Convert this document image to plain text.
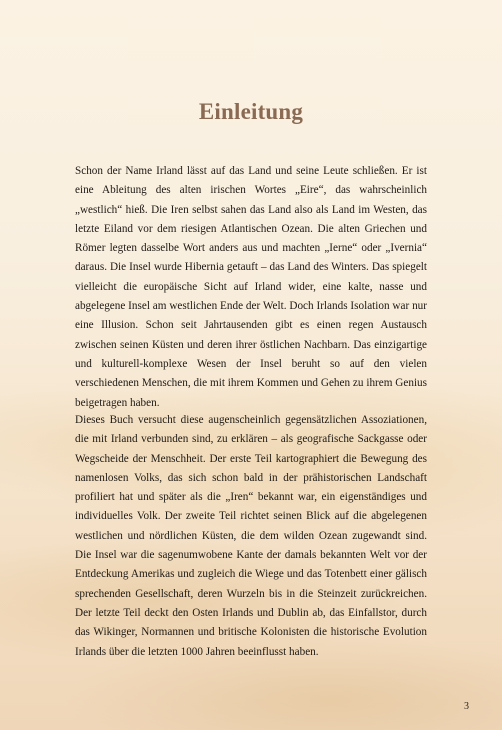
Einleitung

Schon der Name Irland lässt auf das Land und seine Leute schließen. Er ist eine Ableitung des alten irischen Wortes „Eire“, das wahrscheinlich „westlich“ hieß. Die Iren selbst sahen das Land also als Land im Westen, das letzte Eiland vor dem riesigen Atlantischen Ozean. Die alten Griechen und Römer legten dasselbe Wort anders aus und machten „Ierne“ oder „Ivernia“ daraus. Die Insel wurde Hibernia getauft – das Land des Winters. Das spiegelt vielleicht die europäische Sicht auf Irland wider, eine kalte, nasse und abgelegene Insel am westlichen Ende der Welt. Doch Irlands Isolation war nur eine Illusion. Schon seit Jahrtausenden gibt es einen regen Austausch zwischen seinen Küsten und deren ihrer östlichen Nachbarn. Das einzigartige und kulturell-komplexe Wesen der Insel beruht so auf den vielen verschiedenen Menschen, die mit ihrem Kommen und Gehen zu ihrem Genius beigetragen haben.

Dieses Buch versucht diese augenscheinlich gegensätzlichen Assoziationen, die mit Irland verbunden sind, zu erklären – als geografische Sackgasse oder Wegscheide der Menschheit. Der erste Teil kartographiert die Bewegung des namenlosen Volks, das sich schon bald in der prähistorischen Landschaft profiliert hat und später als die „Iren“ bekannt war, ein eigenständiges und individuelles Volk. Der zweite Teil richtet seinen Blick auf die abgelegenen westlichen und nördlichen Küsten, die dem wilden Ozean zugewandt sind. Die Insel war die sagenumwobene Kante der damals bekannten Welt vor der Entdeckung Amerikas und zugleich die Wiege und das Totenbett einer gälisch sprechenden Gesellschaft, deren Wurzeln bis in die Steinzeit zurückreichen. Der letzte Teil deckt den Osten Irlands und Dublin ab, das Einfallstor, durch das Wikinger, Normannen und britische Kolonisten die historische Evolution Irlands über die letzten 1000 Jahren beeinflusst haben.

3
